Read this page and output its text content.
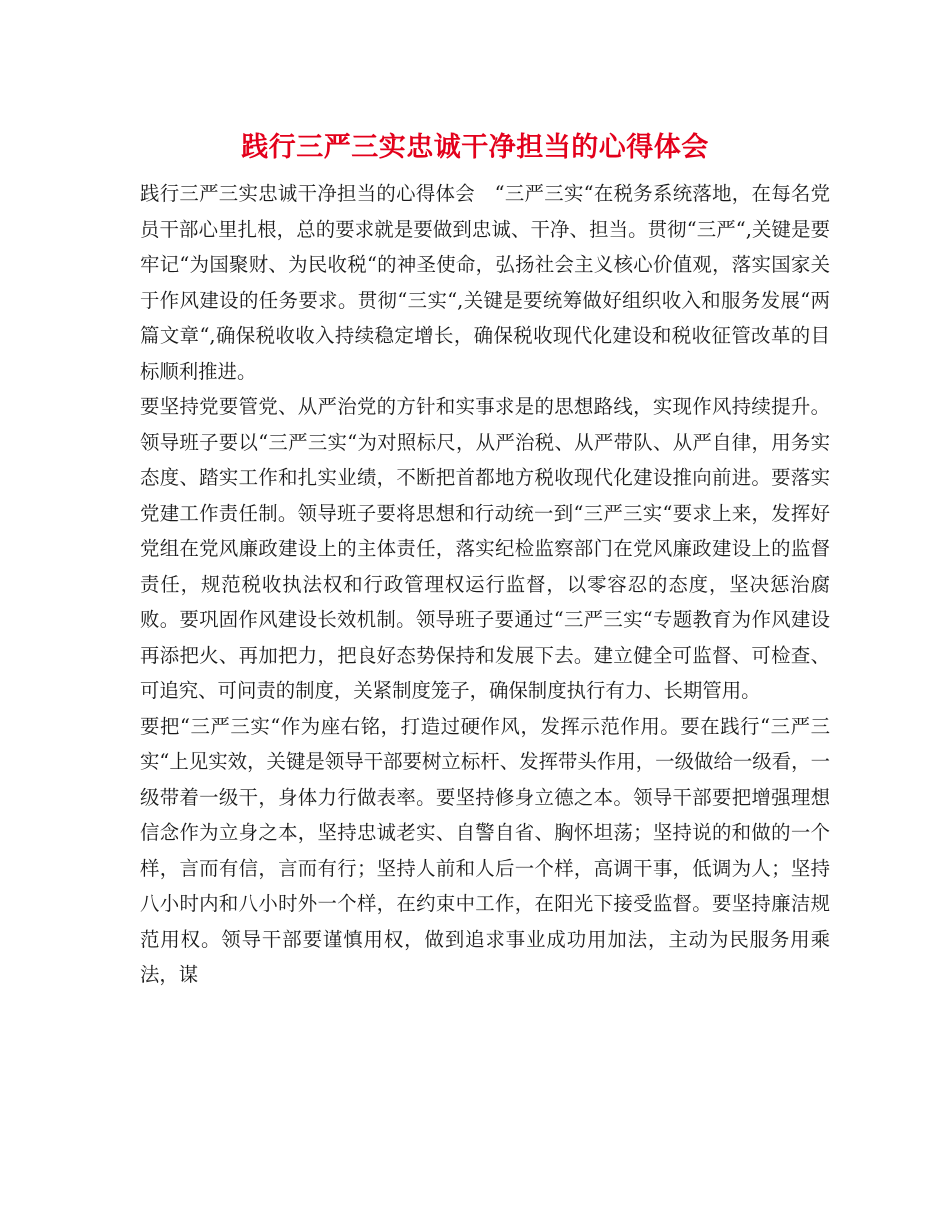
践行三严三实忠诚干净担当的心得体会

践行三严三实忠诚干净担当的心得体会　“三严三实“在税务系统落地，在每名党员干部心里扎根，总的要求就是要做到忠诚、干净、担当。贯彻“三严“,关键是要牢记“为国聚财、为民收税“的神圣使命，弘扬社会主义核心价值观，落实国家关于作风建设的任务要求。贯彻“三实“,关键是要统筹做好组织收入和服务发展“两篇文章“,确保税收收入持续稳定增长，确保税收现代化建设和税收征管改革的目标顺利推进。

要坚持党要管党、从严治党的方针和实事求是的思想路线，实现作风持续提升。领导班子要以“三严三实“为对照标尺，从严治税、从严带队、从严自律，用务实态度、踏实工作和扎实业绩，不断把首都地方税收现代化建设推向前进。要落实党建工作责任制。领导班子要将思想和行动统一到“三严三实“要求上来，发挥好党组在党风廉政建设上的主体责任，落实纪检监察部门在党风廉政建设上的监督责任，规范税收执法权和行政管理权运行监督，以零容忍的态度，坚决惩治腐败。要巩固作风建设长效机制。领导班子要通过“三严三实“专题教育为作风建设再添把火、再加把力，把良好态势保持和发展下去。建立健全可监督、可检查、可追究、可问责的制度，关紧制度笼子，确保制度执行有力、长期管用。

要把“三严三实“作为座右铭，打造过硬作风，发挥示范作用。要在践行“三严三实“上见实效，关键是领导干部要树立标杆、发挥带头作用，一级做给一级看，一级带着一级干，身体力行做表率。要坚持修身立德之本。领导干部要把增强理想信念作为立身之本，坚持忠诚老实、自警自省、胸怀坦荡；坚持说的和做的一个样，言而有信，言而有行；坚持人前和人后一个样，高调干事，低调为人；坚持八小时内和八小时外一个样，在约束中工作，在阳光下接受监督。要坚持廉洁规范用权。领导干部要谨慎用权，做到追求事业成功用加法，主动为民服务用乘法，谋
